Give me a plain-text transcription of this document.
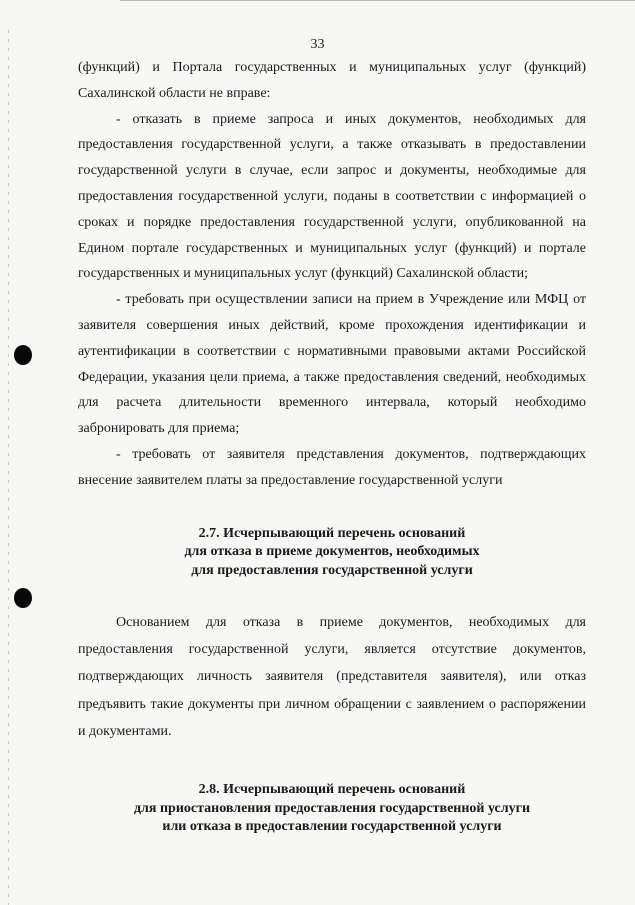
33

(функций) и Портала государственных и муниципальных услуг (функций) Сахалинской области не вправе:

- отказать в приеме запроса и иных документов, необходимых для предоставления государственной услуги, а также отказывать в предоставлении государственной услуги в случае, если запрос и документы, необходимые для предоставления государственной услуги, поданы в соответствии с информацией о сроках и порядке предоставления государственной услуги, опубликованной на Едином портале государственных и муниципальных услуг (функций) и портале государственных и муниципальных услуг (функций) Сахалинской области;

- требовать при осуществлении записи на прием в Учреждение или МФЦ от заявителя совершения иных действий, кроме прохождения идентификации и аутентификации в соответствии с нормативными правовыми актами Российской Федерации, указания цели приема, а также предоставления сведений, необходимых для расчета длительности временного интервала, который необходимо забронировать для приема;

- требовать от заявителя представления документов, подтверждающих внесение заявителем платы за предоставление государственной услуги

2.7. Исчерпывающий перечень оснований
для отказа в приеме документов, необходимых
для предоставления государственной услуги

Основанием для отказа в приеме документов, необходимых для предоставления государственной услуги, является отсутствие документов, подтверждающих личность заявителя (представителя заявителя), или отказ предъявить такие документы при личном обращении с заявлением о распоряжении и документами.

2.8. Исчерпывающий перечень оснований
для приостановления предоставления государственной услуги
или отказа в предоставлении государственной услуги
